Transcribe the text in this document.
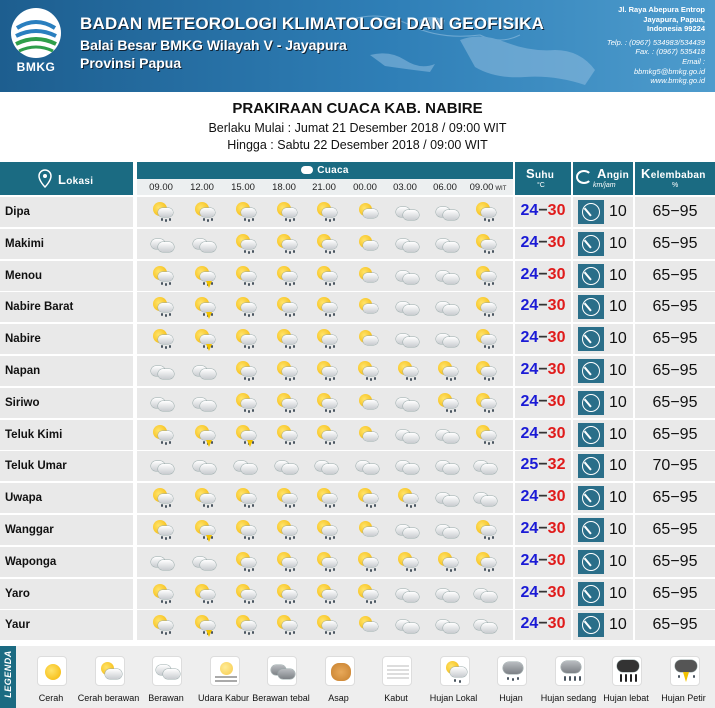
BMKG
BADAN METEOROLOGI KLIMATOLOGI DAN GEOFISIKA
Balai Besar BMKG Wilayah V - Jayapura
Provinsi Papua
Jl. Raya Abepura Entrop
Jayapura, Papua,
Indonesia 99224
Telp. : (0967) 534983/534439
Fax. : (0967) 535418
Email :
bbmkg5@bmkg.go.id
www.bmkg.go.id
PRAKIRAAN CUACA KAB. NABIRE
Berlaku Mulai : Jumat 21 Desember 2018 / 09:00 WIT
Hingga : Sabtu 22 Desember 2018 / 09:00 WIT
Lokasi
Cuaca
09.00	12.00	15.00	18.00	21.00	00.00	03.00	06.00	09.00 WIT
Suhu
°C
Angin
km/jam
Kelembaban
%
Dipa	24−30	10	65−95
Makimi	24−30	10	65−95
Menou	24−30	10	65−95
Nabire Barat	24−30	10	65−95
Nabire	24−30	10	65−95
Napan	24−30	10	65−95
Siriwo	24−30	10	65−95
Teluk Kimi	24−30	10	65−95
Teluk Umar	25−32	10	70−95
Uwapa	24−30	10	65−95
Wanggar	24−30	10	65−95
Waponga	24−30	10	65−95
Yaro	24−30	10	65−95
Yaur	24−30	10	65−95
LEGENDA
Cerah	Cerah berawan Berawan	Udara Kabur Berawan tebal	Asap	Kabut	Hujan Lokal	Hujan	Hujan sedang Hujan lebat	Hujan Petir
